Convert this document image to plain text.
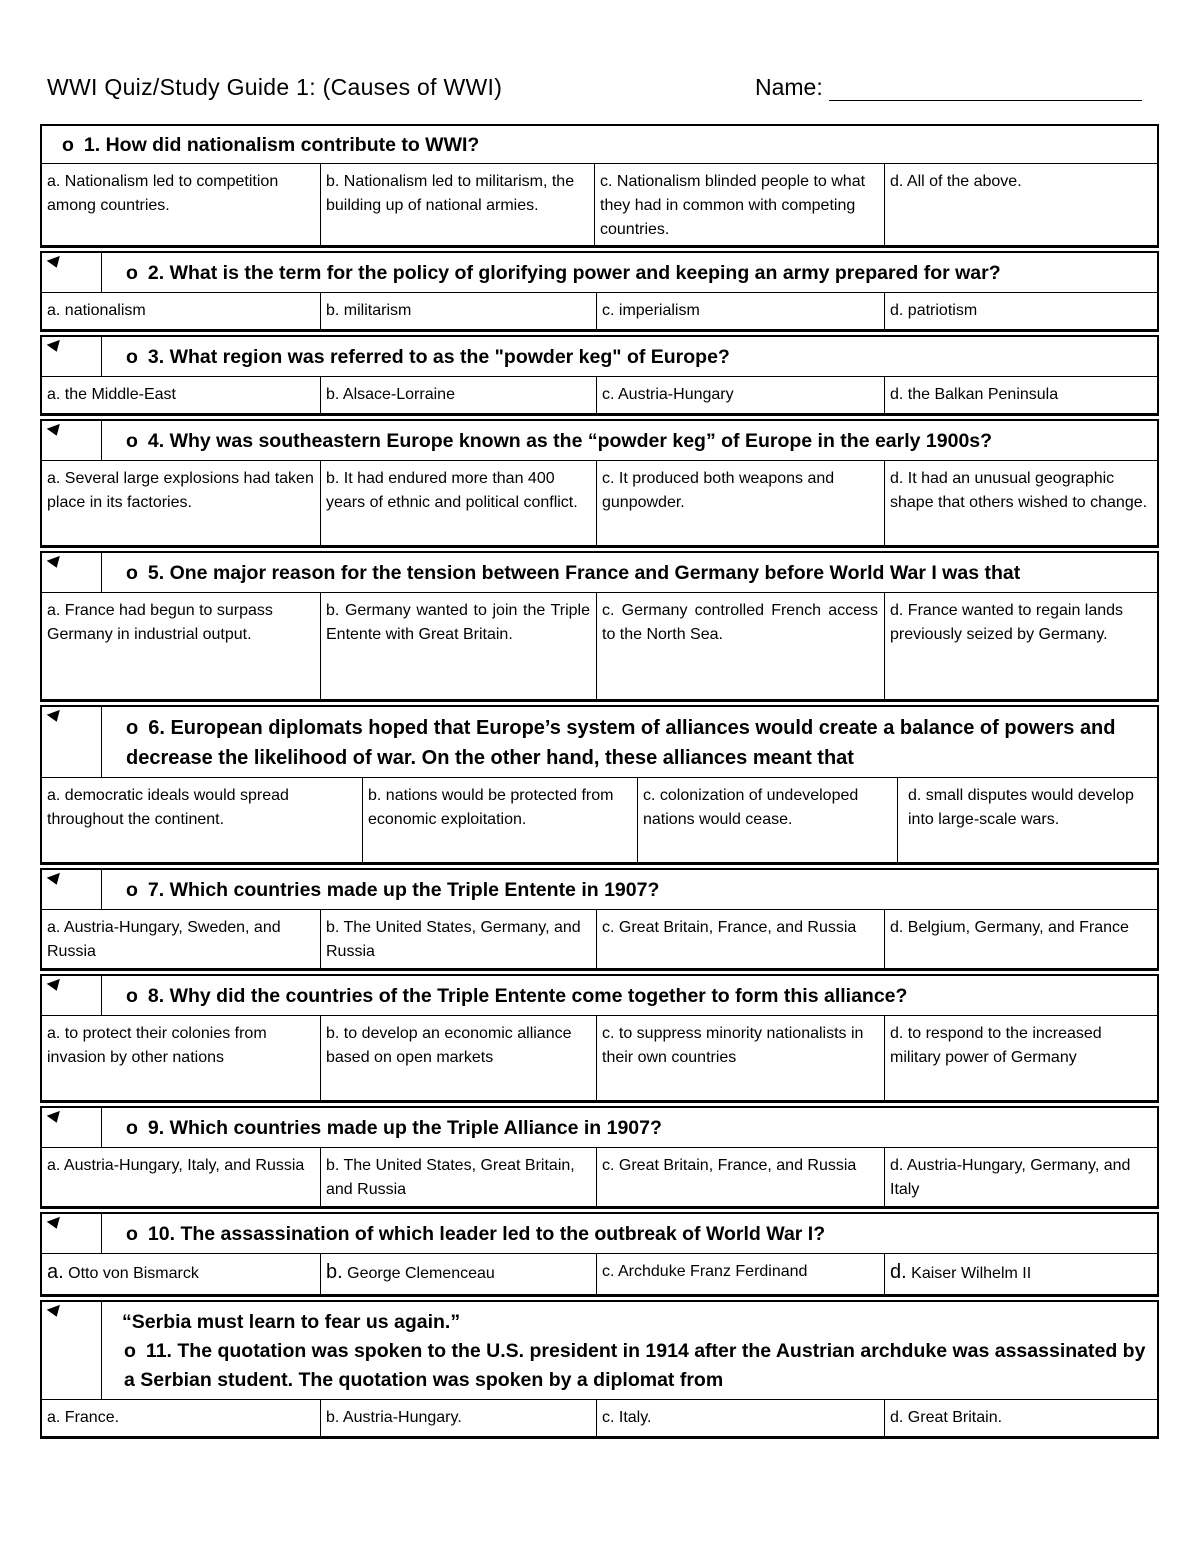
WWI Quiz/Study Guide 1: (Causes of WWI)	Name:
o 1. How did nationalism contribute to WWI?
a. Nationalism led to competition among countries.
b. Nationalism led to militarism, the building up of national armies.
c. Nationalism blinded people to what they had in common with competing countries.
d. All of the above.
o 2. What is the term for the policy of glorifying power and keeping an army prepared for war?
a. nationalism	b. militarism	c. imperialism	d. patriotism
o 3. What region was referred to as the "powder keg" of Europe?
a. the Middle-East	b. Alsace-Lorraine	c. Austria-Hungary	d. the Balkan Peninsula
o 4. Why was southeastern Europe known as the “powder keg” of Europe in the early 1900s?
a. Several large explosions had taken place in its factories.
b. It had endured more than 400 years of ethnic and political conflict.
c. It produced both weapons and gunpowder.
d. It had an unusual geographic shape that others wished to change.
o 5. One major reason for the tension between France and Germany before World War I was that
a. France had begun to surpass Germany in industrial output.
b. Germany wanted to join the Triple Entente with Great Britain.
c. Germany controlled French access to the North Sea.
d. France wanted to regain lands previously seized by Germany.
o 6. European diplomats hoped that Europe’s system of alliances would create a balance of powers and decrease the likelihood of war. On the other hand, these alliances meant that
a. democratic ideals would spread throughout the continent.
b. nations would be protected from economic exploitation.
c. colonization of undeveloped nations would cease.
d. small disputes would develop into large-scale wars.
o 7. Which countries made up the Triple Entente in 1907?
a. Austria-Hungary, Sweden, and Russia
b. The United States, Germany, and Russia
c. Great Britain, France, and Russia	d. Belgium, Germany, and France
o 8. Why did the countries of the Triple Entente come together to form this alliance?
a. to protect their colonies from invasion by other nations
b. to develop an economic alliance based on open markets
c. to suppress minority nationalists in their own countries
d. to respond to the increased military power of Germany
o 9. Which countries made up the Triple Alliance in 1907?
a. Austria-Hungary, Italy, and Russia	b. The United States, Great Britain, and Russia
c. Great Britain, France, and Russia	d. Austria-Hungary, Germany, and Italy
o 10. The assassination of which leader led to the outbreak of World War I?
a. Otto von Bismarck	b. George Clemenceau	c. Archduke Franz Ferdinand	d. Kaiser Wilhelm II
“Serbia must learn to fear us again.”
o 11. The quotation was spoken to the U.S. president in 1914 after the Austrian archduke was assassinated by a Serbian student. The quotation was spoken by a diplomat from
a. France.	b. Austria-Hungary.	c. Italy.	d. Great Britain.
